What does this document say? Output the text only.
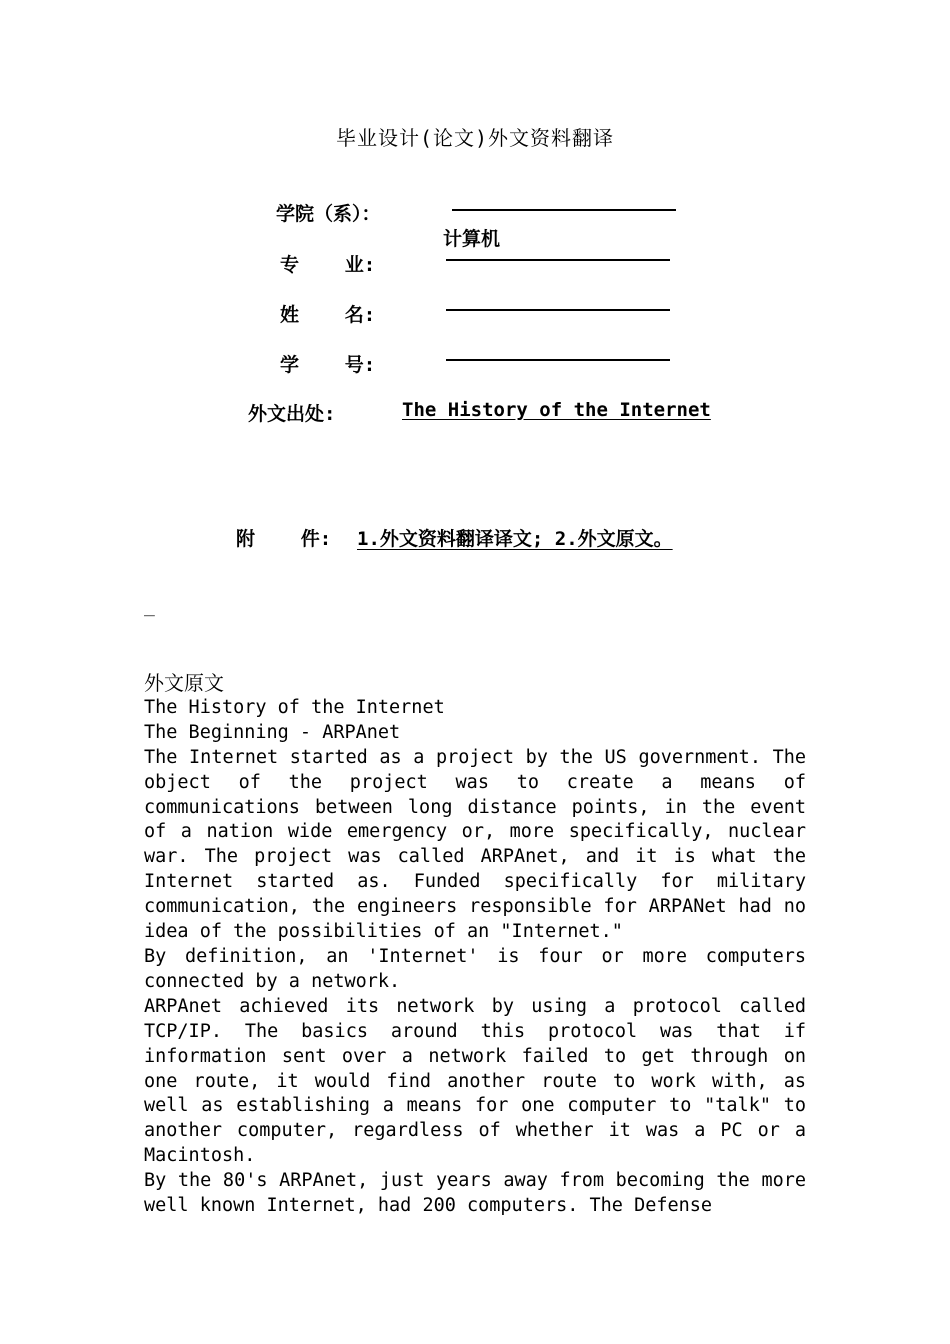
毕业设计(论文)外文资料翻译
学院（系）：
计算机
专    业:
姓    名:
学    号:
外文出处:	The History of the Internet
附    件: 1.外文资料翻译译文; 2.外文原文。
_
外文原文
The History of the Internet
The Beginning - ARPAnet

The Internet started as a project by the US government. The object of the project was to create a means of communications between long distance points, in the event of a nation wide emergency or, more specifically, nuclear war. The project was called ARPAnet, and it is what the Internet started as. Funded specifically for military communication, the engineers responsible for ARPANet had no idea of the possibilities of an "Internet."

By definition, an 'Internet' is four or more computers connected by a network.

ARPAnet achieved its network by using a protocol called TCP/IP. The basics around this protocol was that if information sent over a network failed to get through on one route, it would find another route to work with, as well as establishing a means for one computer to "talk" to another computer, regardless of whether it was a PC or a Macintosh.

By the 80's ARPAnet, just years away from becoming the more well known Internet, had 200 computers. The Defense
